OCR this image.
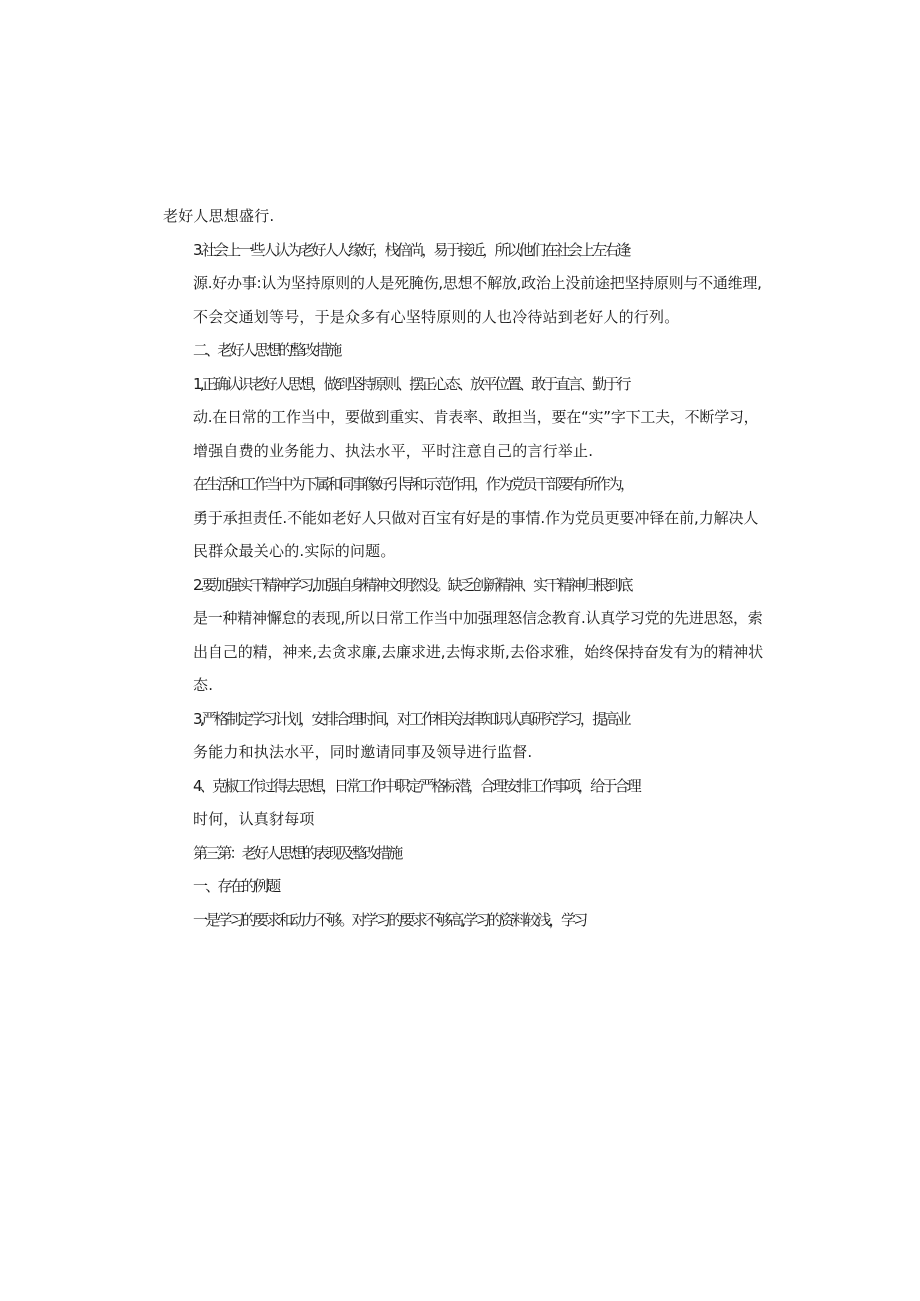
老好人思想盛行.

3.社会上一些人认为老好人人缘好，栈倍尚，易于接近，所以他们在社会上左右逢
源.好办事:认为坚持原则的人是死腌伤,思想不解放,政治上没前途把坚持原则与不通维理,
不会交通划等号，于是众多有心坚特原则的人也冷待站到老好人的行列。

二、老好人思想的整改措施

1,正确认识老好人思想，做到坚持原则、摆正心态、放平位置、敢于直言、勤于行
动.在日常的工作当中，要做到重实、肯表率、敢担当，要在“实”字下工夫，不断学习，
增强自费的业务能力、执法水平，平时注意自己的言行举止.

在生活和工作当中为下属和同事像好引导和示范作用，作为党员干部要有所作为，
勇于承担责任.不能如老好人只做对百宝有好是的事情.作为党员更要冲铎在前,力解决人
民群众最关心的.实际的问题。

2.要加强实干精神学习,加强自身精神文明然设。缺乏创新精神、实干精神归根到底
是一种精神懈怠的表现,所以日常工作当中加强理怒信念教育.认真学习党的先进思怒，索
出自己的精，神来,去贪求廉,去廉求进,去悔求斯,去俗求雅，始终保持奋发有为的精神状
态.

3,严格制定学习计划，安排合理时间，对工作相关法律知识认真研究学习，提高业
务能力和执法水平，同时邀请同事及领导进行监督.

4、克椒工作过得去思想，日常工作中职定严格标潜，合理安排工作事项，给于合理
时何，认真豺每项

第三第：老好人思想的表现及整改措施

一、存在的例题

一是学习的要求和动力不够。对学习的要求不够高,学习的资料较浅，学习
